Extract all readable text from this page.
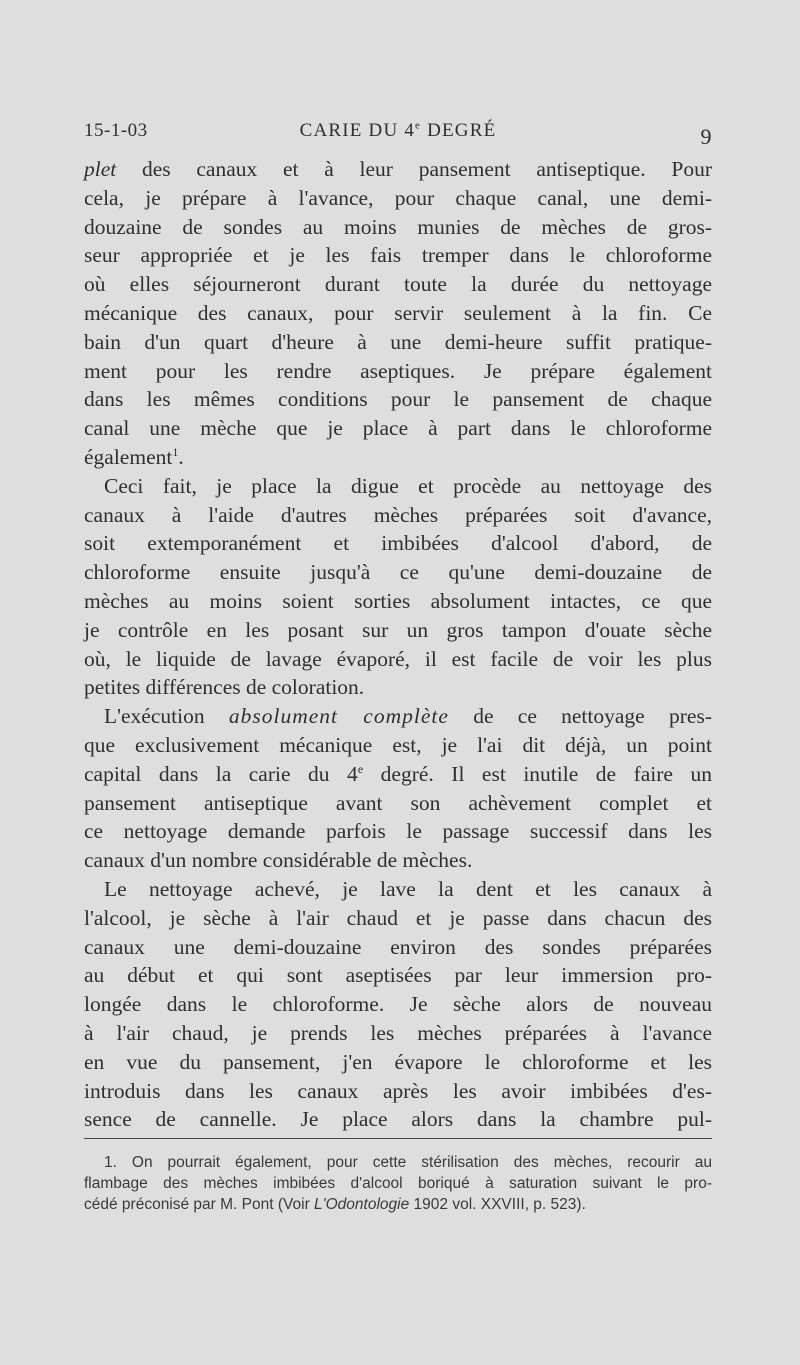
15-1-03	CARIE DU 4e DEGRÉ	9
plet des canaux et à leur pansement antiseptique. Pour
cela, je prépare à l'avance, pour chaque canal, une demi-
douzaine de sondes au moins munies de mèches de gros-
seur appropriée et je les fais tremper dans le chloroforme
où elles séjourneront durant toute la durée du nettoyage
mécanique des canaux, pour servir seulement à la fin. Ce
bain d'un quart d'heure à une demi-heure suffit pratique-
ment pour les rendre aseptiques. Je prépare également
dans les mêmes conditions pour le pansement de chaque
canal une mèche que je place à part dans le chloroforme
également$^1$.
Ceci fait, je place la digue et procède au nettoyage des
canaux à l'aide d'autres mèches préparées soit d'avance,
soit extemporanément et imbibées d'alcool d'abord, de
chloroforme ensuite jusqu'à ce qu'une demi-douzaine de
mèches au moins soient sorties absolument intactes, ce que
je contrôle en les posant sur un gros tampon d'ouate sèche
où, le liquide de lavage évaporé, il est facile de voir les plus
petites différences de coloration.
L'exécution absolument complète de ce nettoyage pres-
que exclusivement mécanique est, je l'ai dit déjà, un point
capital dans la carie du 4e degré. Il est inutile de faire un
pansement antiseptique avant son achèvement complet et
ce nettoyage demande parfois le passage successif dans les
canaux d'un nombre considérable de mèches.
Le nettoyage achevé, je lave la dent et les canaux à
l'alcool, je sèche à l'air chaud et je passe dans chacun des
canaux une demi-douzaine environ des sondes préparées
au début et qui sont aseptisées par leur immersion pro-
longée dans le chloroforme. Je sèche alors de nouveau
à l'air chaud, je prends les mèches préparées à l'avance
en vue du pansement, j'en évapore le chloroforme et les
introduis dans les canaux après les avoir imbibées d'es-
sence de cannelle. Je place alors dans la chambre pul-
1. On pourrait également, pour cette stérilisation des mèches, recourir au
flambage des mèches imbibées d'alcool boriqué à saturation suivant le pro-
cédé préconisé par M. Pont (Voir L'Odontologie 1902 vol. XXVIII, p. 523).
